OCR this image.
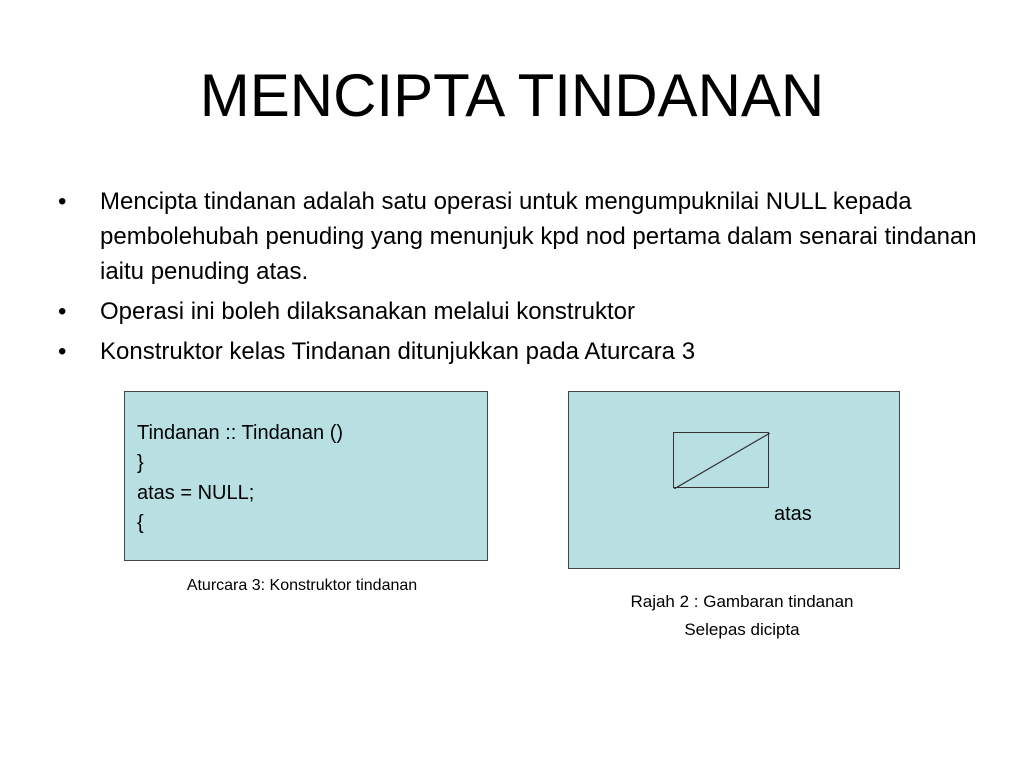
MENCIPTA TINDANAN
•	Mencipta tindanan adalah satu operasi untuk mengumpuknilai NULL kepada pembolehubah penuding yang menunjuk kpd nod pertama dalam senarai tindanan iaitu penuding atas.
•	Operasi ini boleh dilaksanakan melalui konstruktor
•	Konstruktor kelas Tindanan ditunjukkan pada Aturcara 3
Tindanan :: Tindanan ()
}
atas = NULL;
{
Aturcara 3: Konstruktor tindanan
atas
Rajah 2 : Gambaran tindanan
Selepas dicipta
